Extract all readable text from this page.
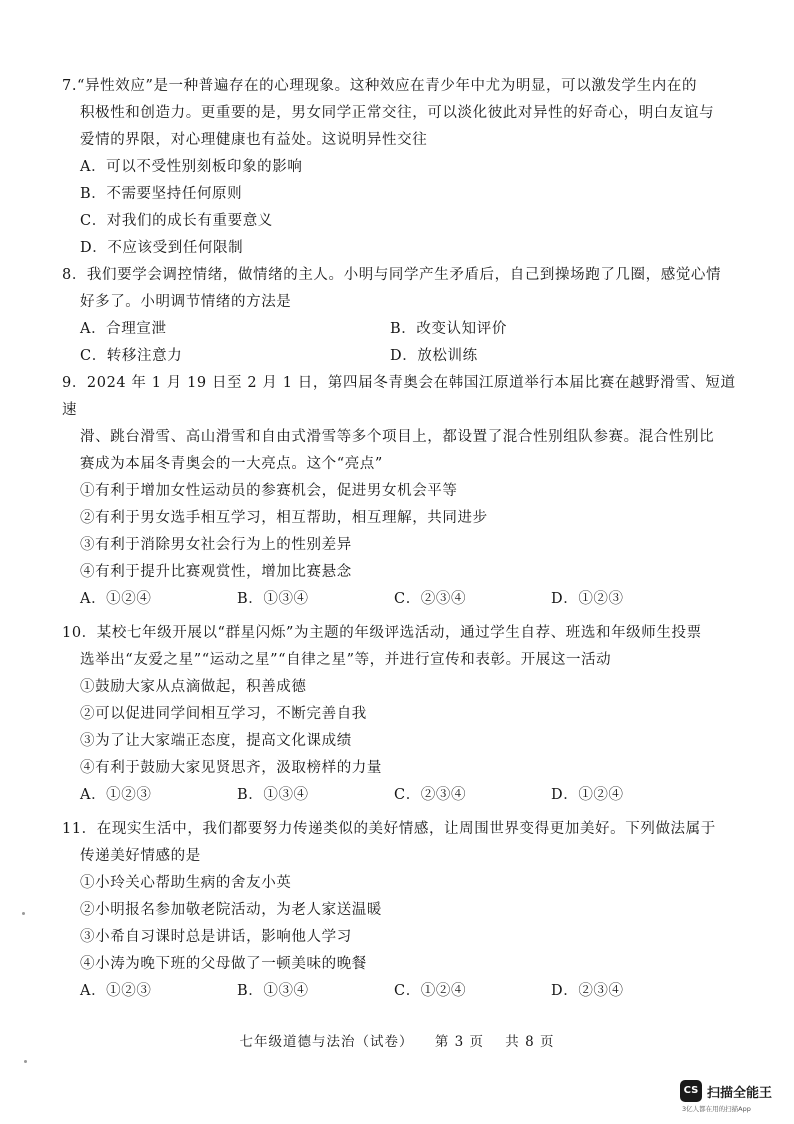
7.“异性效应”是一种普遍存在的心理现象。这种效应在青少年中尤为明显，可以激发学生内在的
积极性和创造力。更重要的是，男女同学正常交往，可以淡化彼此对异性的好奇心，明白友谊与
爱情的界限，对心理健康也有益处。这说明异性交往
A．可以不受性别刻板印象的影响
B．不需要坚持任何原则
C．对我们的成长有重要意义
D．不应该受到任何限制
8．我们要学会调控情绪，做情绪的主人。小明与同学产生矛盾后，自己到操场跑了几圈，感觉心情
好多了。小明调节情绪的方法是
A．合理宣泄	B．改变认知评价
C．转移注意力	D．放松训练
9．2024 年 1 月 19 日至 2 月 1 日，第四届冬青奥会在韩国江原道举行本届比赛在越野滑雪、短道速
滑、跳台滑雪、高山滑雪和自由式滑雪等多个项目上，都设置了混合性别组队参赛。混合性别比
赛成为本届冬青奥会的一大亮点。这个“亮点”
①有利于增加女性运动员的参赛机会，促进男女机会平等
②有利于男女选手相互学习，相互帮助，相互理解，共同进步
③有利于消除男女社会行为上的性别差异
④有利于提升比赛观赏性，增加比赛悬念
A．①②④	B．①③④	C．②③④	D．①②③
10．某校七年级开展以“群星闪烁”为主题的年级评选活动，通过学生自荐、班选和年级师生投票
选举出“友爱之星”“运动之星”“自律之星”等，并进行宣传和表彰。开展这一活动
①鼓励大家从点滴做起，积善成德
②可以促进同学间相互学习，不断完善自我
③为了让大家端正态度，提高文化课成绩
④有利于鼓励大家见贤思齐，汲取榜样的力量
A．①②③	B．①③④	C．②③④	D．①②④
11．在现实生活中，我们都要努力传递类似的美好情感，让周围世界变得更加美好。下列做法属于
传递美好情感的是
①小玲关心帮助生病的舍友小英
②小明报名参加敬老院活动，为老人家送温暖
③小希自习课时总是讲话，影响他人学习
④小涛为晚下班的父母做了一顿美味的晚餐
A．①②③	B．①③④	C．①②④	D．②③④
七年级道德与法治（试卷） 第 3 页 共 8 页
CS 扫描全能王
3亿人都在用的扫描App
